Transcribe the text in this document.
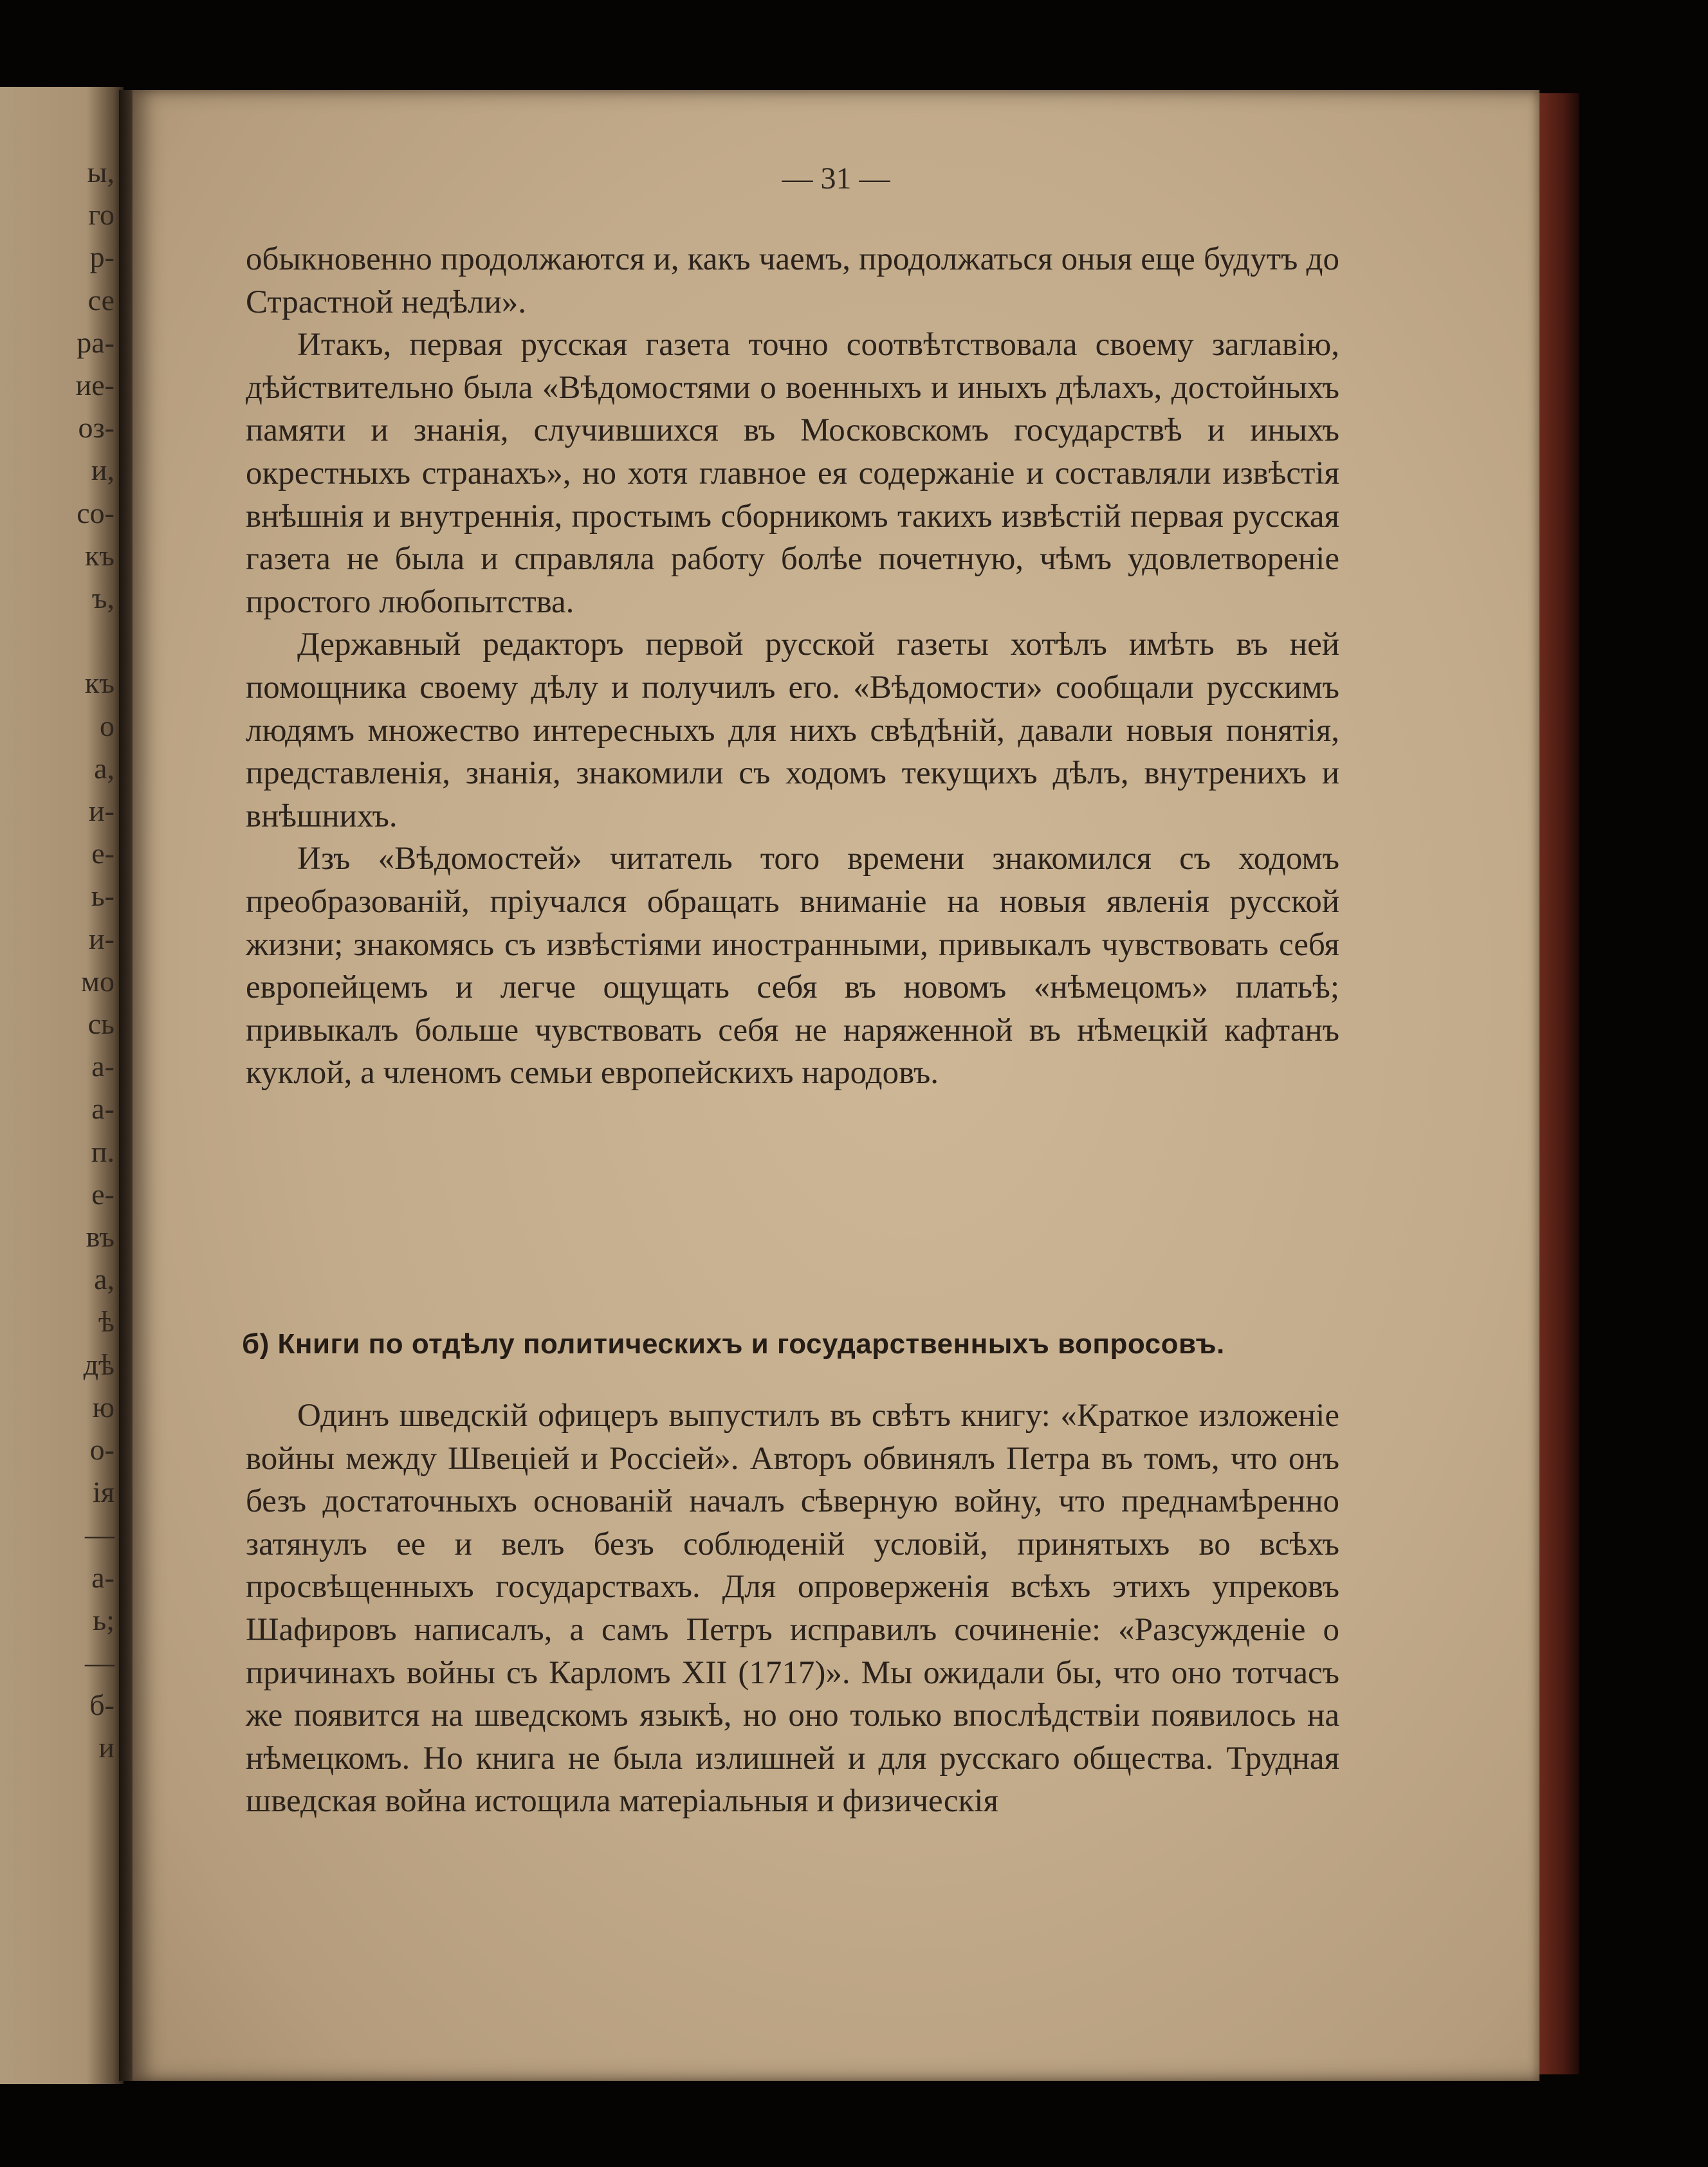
ы,
го
р-
се
ра-
ие-
оз-
и,
со-
къ
ъ,
къ
о
а,
и-
е-
ь-
и-
мо
сь
а-
а-
п.
е-
въ
а,
ѣ
дѣ
ю
о-
ія
—
а-
ь;
—
б-
и
— 31 —

обыкновенно продолжаются и, какъ чаемъ, продолжаться оныя еще будутъ до Страстной недѣли».

Итакъ, первая русская газета точно соотвѣтствовала своему заглавію, дѣйствительно была «Вѣдомостями о военныхъ и иныхъ дѣлахъ, достойныхъ памяти и знанія, случившихся въ Московскомъ государствѣ и иныхъ окрестныхъ странахъ», но хотя главное ея содержаніе и составляли извѣстія внѣшнія и внутреннія, простымъ сборникомъ такихъ извѣстій первая русская газета не была и справляла работу болѣе почетную, чѣмъ удовлетвореніе простого любопытства.

Державный редакторъ первой русской газеты хотѣлъ имѣть въ ней помощника своему дѣлу и получилъ его. «Вѣдомости» сообщали русскимъ людямъ множество интересныхъ для нихъ свѣдѣній, давали новыя понятія, представленія, знанія, знакомили съ ходомъ текущихъ дѣлъ, внутренихъ и внѣшнихъ.

Изъ «Вѣдомостей» читатель того времени знакомился съ ходомъ преобразованій, пріучался обращать вниманіе на новыя явленія русской жизни; знакомясь съ извѣстіями иностранными, привыкалъ чувствовать себя европейцемъ и легче ощущать себя въ новомъ «нѣмецомъ» платьѣ; привыкалъ больше чувствовать себя не наряженной въ нѣмецкій кафтанъ куклой, а членомъ семьи европейскихъ народовъ.

б) Книги по отдѣлу политическихъ и государственныхъ вопросовъ.

Одинъ шведскій офицеръ выпустилъ въ свѣтъ книгу: «Краткое изложеніе войны между Швеціей и Россіей». Авторъ обвинялъ Петра въ томъ, что онъ безъ достаточныхъ основаній началъ сѣверную войну, что преднамѣренно затянулъ ее и велъ безъ соблюденій условій, принятыхъ во всѣхъ просвѣщенныхъ государствахъ. Для опроверженія всѣхъ этихъ упрековъ Шафировъ написалъ, а самъ Петръ исправилъ сочиненіе: «Разсужденіе о причинахъ войны съ Карломъ XII (1717)». Мы ожидали бы, что оно тотчасъ же появится на шведскомъ языкѣ, но оно только впослѣдствіи появилось на нѣмецкомъ. Но книга не была излишней и для русскаго общества. Трудная шведская война истощила матеріальныя и физическія
